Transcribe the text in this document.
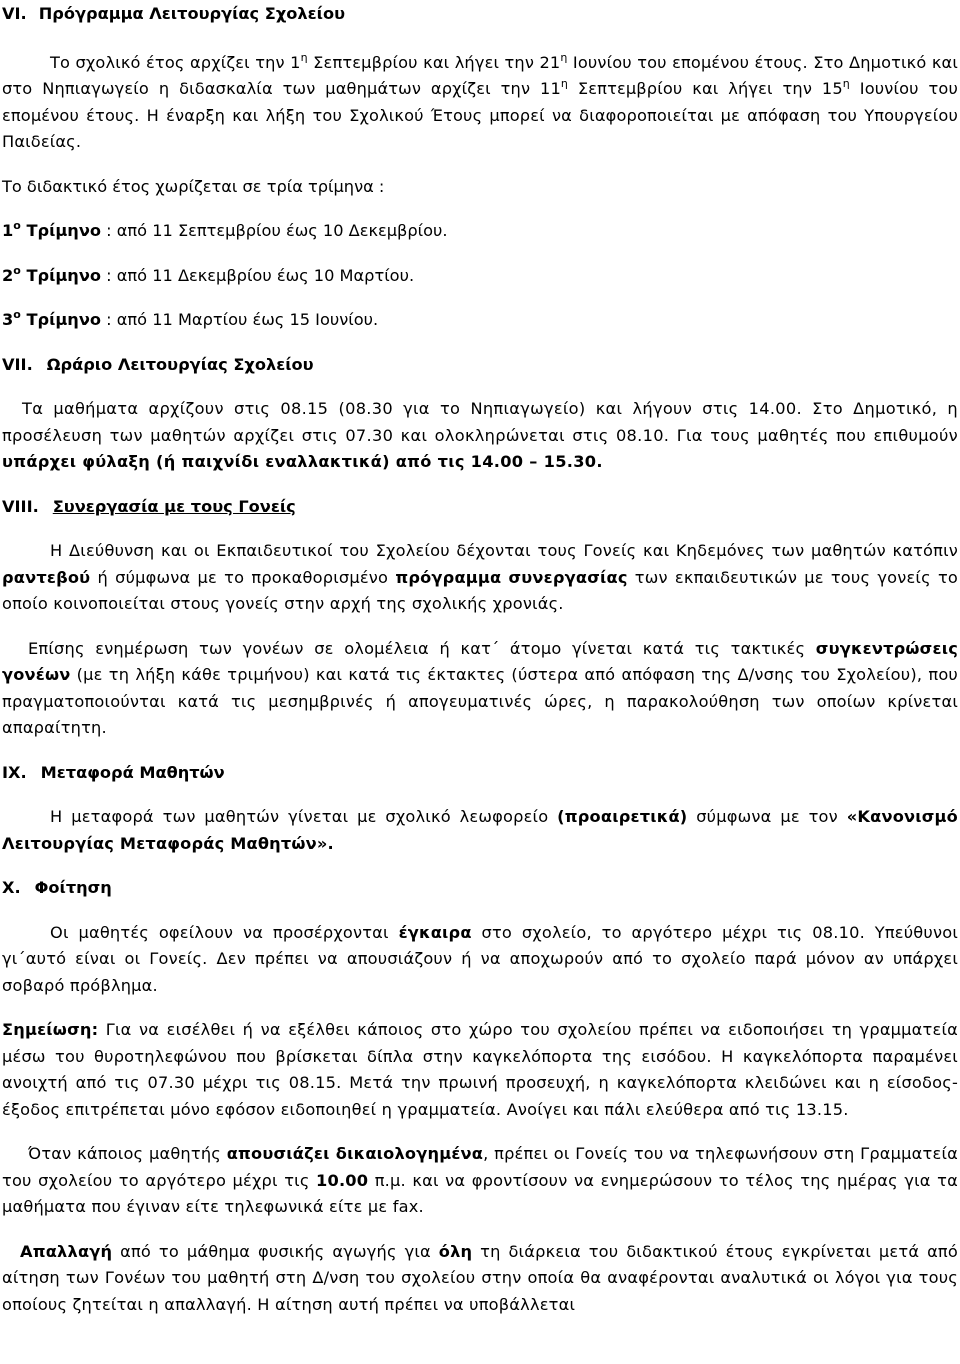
VI. Πρόγραμμα Λειτουργίας Σχολείου

Το σχολικό έτος αρχίζει την $1^\eta$ Σεπτεμβρίου και λήγει την $21^\eta$ Ιουνίου του επομένου έτους. Στο Δημοτικό και στο Νηπιαγωγείο η διδασκαλία των μαθημάτων αρχίζει την $11^\eta$ Σεπτεμβρίου και λήγει την $15^\eta$ Ιουνίου του επομένου έτους. Η έναρξη και λήξη του Σχολικού Έτους μπορεί να διαφοροποιείται με απόφαση του Υπουργείου Παιδείας.

Το διδακτικό έτος χωρίζεται σε τρία τρίμηνα :

$1^o$ Τρίμηνο : από 11 Σεπτεμβρίου έως 10 Δεκεμβρίου.

$2^o$ Τρίμηνο : από 11 Δεκεμβρίου έως 10 Μαρτίου.

$3^o$ Τρίμηνο : από 11 Μαρτίου έως 15 Ιουνίου.

VII. Ωράριο Λειτουργίας Σχολείου

Τα μαθήματα αρχίζουν στις 08.15 (08.30 για το Νηπιαγωγείο) και λήγουν στις 14.00. Στο Δημοτικό, η προσέλευση των μαθητών αρχίζει στις 07.30 και ολοκληρώνεται στις 08.10. Για τους μαθητές που επιθυμούν υπάρχει φύλαξη (ή παιχνίδι εναλλακτικά) από τις 14.00 – 15.30.

VIII. Συνεργασία με τους Γονείς

Η Διεύθυνση και οι Εκπαιδευτικοί του Σχολείου δέχονται τους Γονείς και Κηδεμόνες των μαθητών κατόπιν ραντεβού ή σύμφωνα με το προκαθορισμένο πρόγραμμα συνεργασίας των εκπαιδευτικών με τους γονείς το οποίο κοινοποιείται στους γονείς στην αρχή της σχολικής χρονιάς.

Επίσης ενημέρωση των γονέων σε ολομέλεια ή κατ΄ άτομο γίνεται κατά τις τακτικές συγκεντρώσεις γονέων (με τη λήξη κάθε τριμήνου) και κατά τις έκτακτες (ύστερα από απόφαση της Δ/νσης του Σχολείου), που πραγματοποιούνται κατά τις μεσημβρινές ή απογευματινές ώρες, η παρακολούθηση των οποίων κρίνεται απαραίτητη.

IX. Μεταφορά Μαθητών

Η μεταφορά των μαθητών γίνεται με σχολικό λεωφορείο (προαιρετικά) σύμφωνα με τον «Κανονισμό Λειτουργίας Μεταφοράς Μαθητών».

X. Φοίτηση

Οι μαθητές οφείλουν να προσέρχονται έγκαιρα στο σχολείο, το αργότερο μέχρι τις 08.10. Υπεύθυνοι γι΄αυτό είναι οι Γονείς. Δεν πρέπει να απουσιάζουν ή να αποχωρούν από το σχολείο παρά μόνον αν υπάρχει σοβαρό πρόβλημα.

Σημείωση: Για να εισέλθει ή να εξέλθει κάποιος στο χώρο του σχολείου πρέπει να ειδοποιήσει τη γραμματεία μέσω του θυροτηλεφώνου που βρίσκεται δίπλα στην καγκελόπορτα της εισόδου. Η καγκελόπορτα παραμένει ανοιχτή από τις 07.30 μέχρι τις 08.15. Μετά την πρωινή προσευχή, η καγκελόπορτα κλειδώνει και η είσοδος-έξοδος επιτρέπεται μόνο εφόσον ειδοποιηθεί η γραμματεία. Ανοίγει και πάλι ελεύθερα από τις 13.15.

Όταν κάποιος μαθητής απουσιάζει δικαιολογημένα, πρέπει οι Γονείς του να τηλεφωνήσουν στη Γραμματεία του σχολείου το αργότερο μέχρι τις 10.00 π.μ. και να φροντίσουν να ενημερώσουν το τέλος της ημέρας για τα μαθήματα που έγιναν είτε τηλεφωνικά είτε με fax.

Απαλλαγή από το μάθημα φυσικής αγωγής για όλη τη διάρκεια του διδακτικού έτους εγκρίνεται μετά από αίτηση των Γονέων του μαθητή στη Δ/νση του σχολείου στην οποία θα αναφέρονται αναλυτικά οι λόγοι για τους οποίους ζητείται η απαλλαγή. Η αίτηση αυτή πρέπει να υποβάλλεται
